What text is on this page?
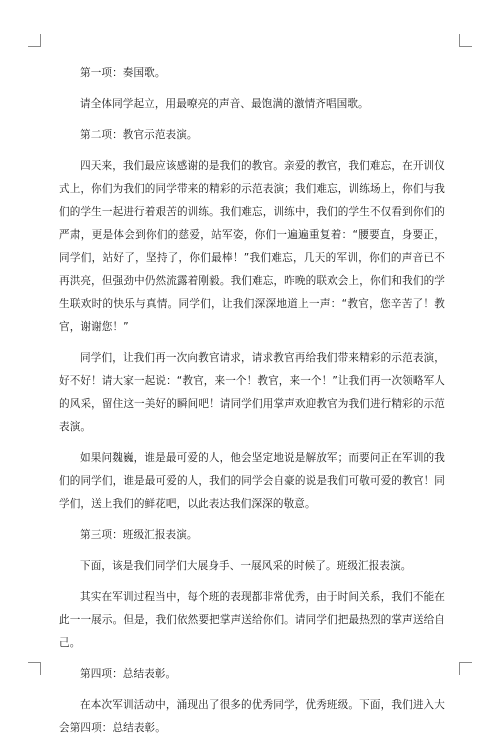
第一项：奏国歌。

请全体同学起立，用最嘹亮的声音、最饱满的激情齐唱国歌。

第二项：教官示范表演。

四天来，我们最应该感谢的是我们的教官。亲爱的教官，我们难忘，在开训仪式上，你们为我们的同学带来的精彩的示范表演；我们难忘，训练场上，你们与我们的学生一起进行着艰苦的训练。我们难忘，训练中，我们的学生不仅看到你们的严肃，更是体会到你们的慈爱，站军姿，你们一遍遍重复着：“腰要直，身要正，同学们，站好了，坚持了，你们最棒！”我们难忘，几天的军训，你们的声音已不再洪亮，但强劲中仍然流露着刚毅。我们难忘，昨晚的联欢会上，你们和我们的学生联欢时的快乐与真情。同学们，让我们深深地道上一声：“教官，您辛苦了！教官，谢谢您！”

同学们，让我们再一次向教官请求，请求教官再给我们带来精彩的示范表演，好不好！请大家一起说：“教官，来一个！教官，来一个！”让我们再一次领略军人的风采，留住这一美好的瞬间吧！请同学们用掌声欢迎教官为我们进行精彩的示范表演。

如果问魏巍，谁是最可爱的人，他会坚定地说是解放军；而要问正在军训的我们的同学们，谁是最可爱的人，我们的同学会自豪的说是我们可敬可爱的教官！同学们，送上我们的鲜花吧，以此表达我们深深的敬意。

第三项：班级汇报表演。

下面，该是我们同学们大展身手、一展风采的时候了。班级汇报表演。

其实在军训过程当中，每个班的表现都非常优秀，由于时间关系，我们不能在此一一展示。但是，我们依然要把掌声送给你们。请同学们把最热烈的掌声送给自己。

第四项：总结表彰。

在本次军训活动中，涌现出了很多的优秀同学，优秀班级。下面，我们进入大会第四项：总结表彰。
